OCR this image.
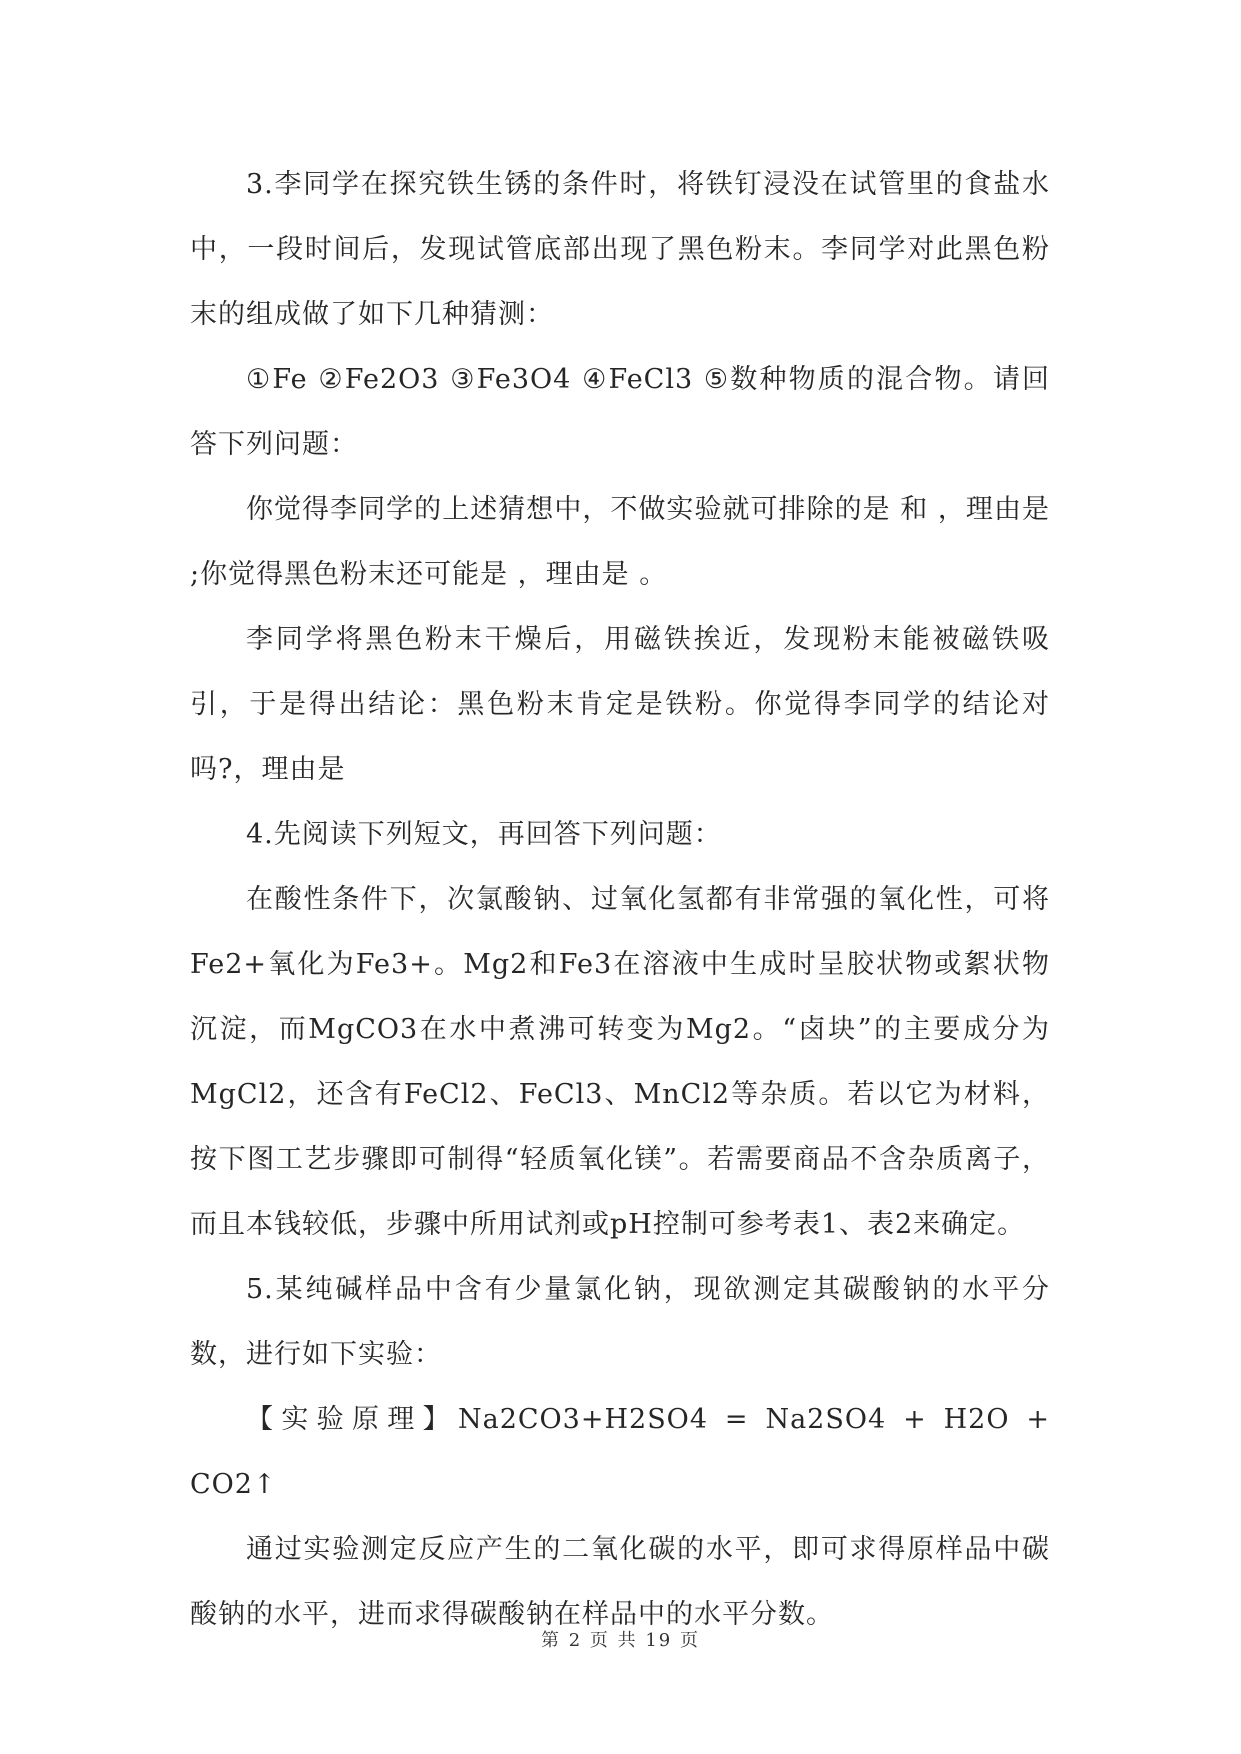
3.李同学在探究铁生锈的条件时，将铁钉浸没在试管里的食盐水中，一段时间后，发现试管底部出现了黑色粉末。李同学对此黑色粉末的组成做了如下几种猜测：

①Fe ②Fe2O3 ③Fe3O4 ④FeCl3 ⑤数种物质的混合物。请回答下列问题：

你觉得李同学的上述猜想中，不做实验就可排除的是 和 ，理由是 ;你觉得黑色粉末还可能是 ，理由是 。

李同学将黑色粉末干燥后，用磁铁挨近，发现粉末能被磁铁吸引，于是得出结论：黑色粉末肯定是铁粉。你觉得李同学的结论对吗?，理由是

4.先阅读下列短文，再回答下列问题：

在酸性条件下，次氯酸钠、过氧化氢都有非常强的氧化性，可将Fe2+氧化为Fe3+。Mg2和Fe3在溶液中生成时呈胶状物或絮状物沉淀，而MgCO3在水中煮沸可转变为Mg2。“卤块”的主要成分为MgCl2，还含有FeCl2、FeCl3、MnCl2等杂质。若以它为材料，按下图工艺步骤即可制得“轻质氧化镁”。若需要商品不含杂质离子，而且本钱较低，步骤中所用试剂或pH控制可参考表1、表2来确定。

5.某纯碱样品中含有少量氯化钠，现欲测定其碳酸钠的水平分数，进行如下实验：

【实验原理】Na2CO3+H2SO4 = Na2SO4 + H2O + CO2↑

通过实验测定反应产生的二氧化碳的水平，即可求得原样品中碳酸钠的水平，进而求得碳酸钠在样品中的水平分数。

第 2 页 共 19 页
